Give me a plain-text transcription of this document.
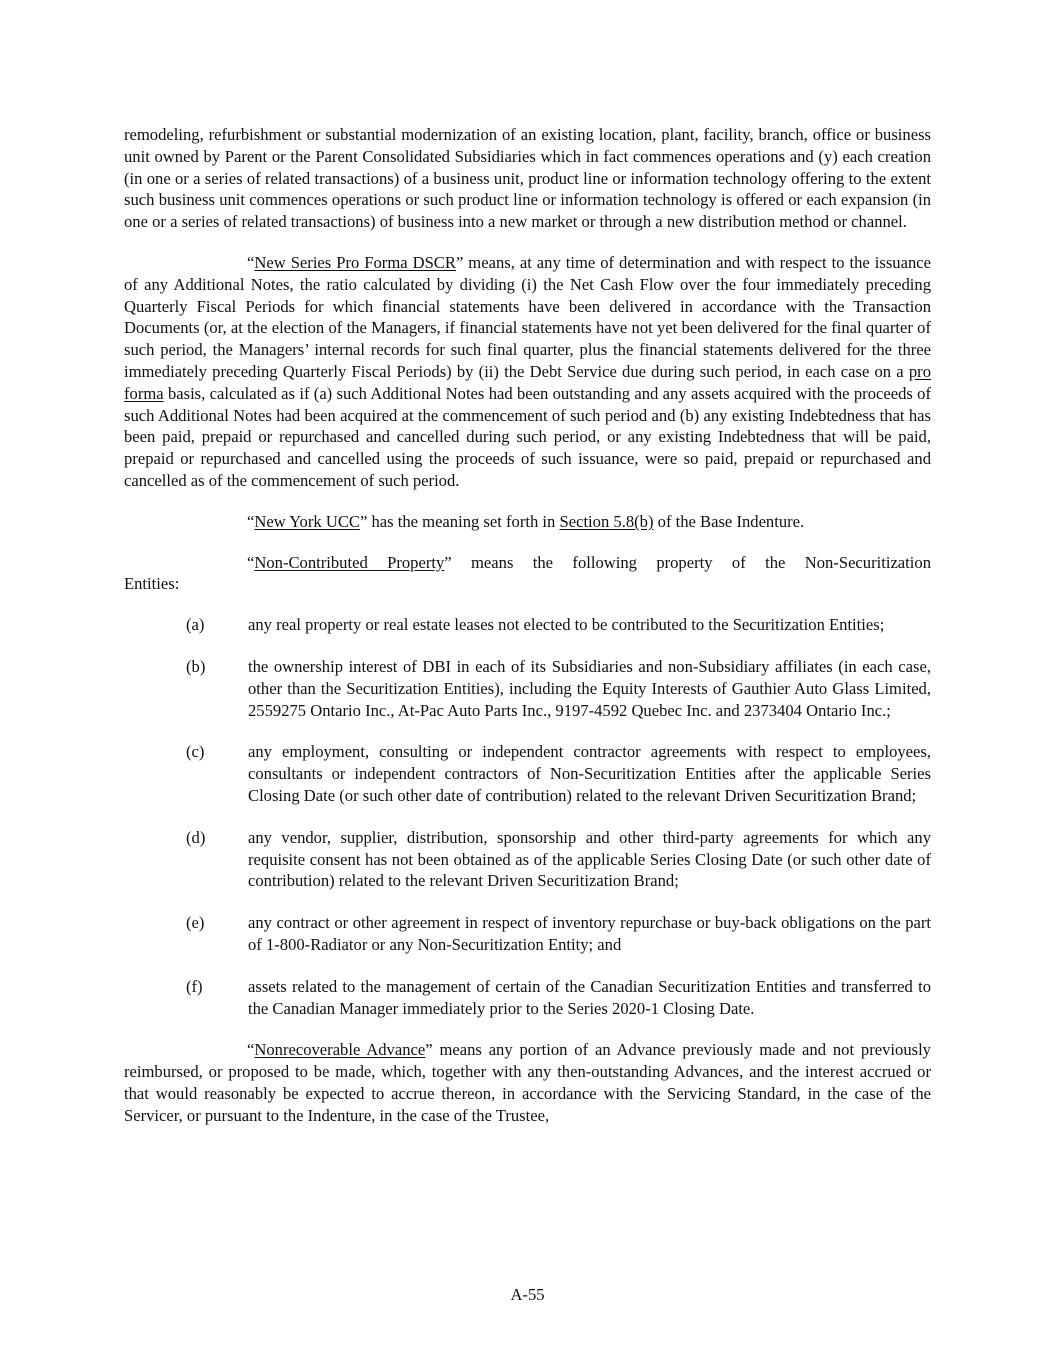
remodeling, refurbishment or substantial modernization of an existing location, plant, facility, branch, office or business unit owned by Parent or the Parent Consolidated Subsidiaries which in fact commences operations and (y) each creation (in one or a series of related transactions) of a business unit, product line or information technology offering to the extent such business unit commences operations or such product line or information technology is offered or each expansion (in one or a series of related transactions) of business into a new market or through a new distribution method or channel.

“New Series Pro Forma DSCR” means, at any time of determination and with respect to the issuance of any Additional Notes, the ratio calculated by dividing (i) the Net Cash Flow over the four immediately preceding Quarterly Fiscal Periods for which financial statements have been delivered in accordance with the Transaction Documents (or, at the election of the Managers, if financial statements have not yet been delivered for the final quarter of such period, the Managers’ internal records for such final quarter, plus the financial statements delivered for the three immediately preceding Quarterly Fiscal Periods) by (ii) the Debt Service due during such period, in each case on a pro forma basis, calculated as if (a) such Additional Notes had been outstanding and any assets acquired with the proceeds of such Additional Notes had been acquired at the commencement of such period and (b) any existing Indebtedness that has been paid, prepaid or repurchased and cancelled during such period, or any existing Indebtedness that will be paid, prepaid or repurchased and cancelled using the proceeds of such issuance, were so paid, prepaid or repurchased and cancelled as of the commencement of such period.

“New York UCC” has the meaning set forth in Section 5.8(b) of the Base Indenture.

“Non-Contributed Property” means the following property of the Non-Securitization

Entities:

(a)	any real property or real estate leases not elected to be contributed to the Securitization Entities;
(b)	the ownership interest of DBI in each of its Subsidiaries and non-Subsidiary affiliates (in each case, other than the Securitization Entities), including the Equity Interests of Gauthier Auto Glass Limited, 2559275 Ontario Inc., At-Pac Auto Parts Inc., 9197-4592 Quebec Inc. and 2373404 Ontario Inc.;
(c)	any employment, consulting or independent contractor agreements with respect to employees, consultants or independent contractors of Non-Securitization Entities after the applicable Series Closing Date (or such other date of contribution) related to the relevant Driven Securitization Brand;
(d)	any vendor, supplier, distribution, sponsorship and other third-party agreements for which any requisite consent has not been obtained as of the applicable Series Closing Date (or such other date of contribution) related to the relevant Driven Securitization Brand;
(e)	any contract or other agreement in respect of inventory repurchase or buy-back obligations on the part of 1-800-Radiator or any Non-Securitization Entity; and
(f)	assets related to the management of certain of the Canadian Securitization Entities and transferred to the Canadian Manager immediately prior to the Series 2020-1 Closing Date.

“Nonrecoverable Advance” means any portion of an Advance previously made and not previously reimbursed, or proposed to be made, which, together with any then-outstanding Advances, and the interest accrued or that would reasonably be expected to accrue thereon, in accordance with the Servicing Standard, in the case of the Servicer, or pursuant to the Indenture, in the case of the Trustee,

A-55
